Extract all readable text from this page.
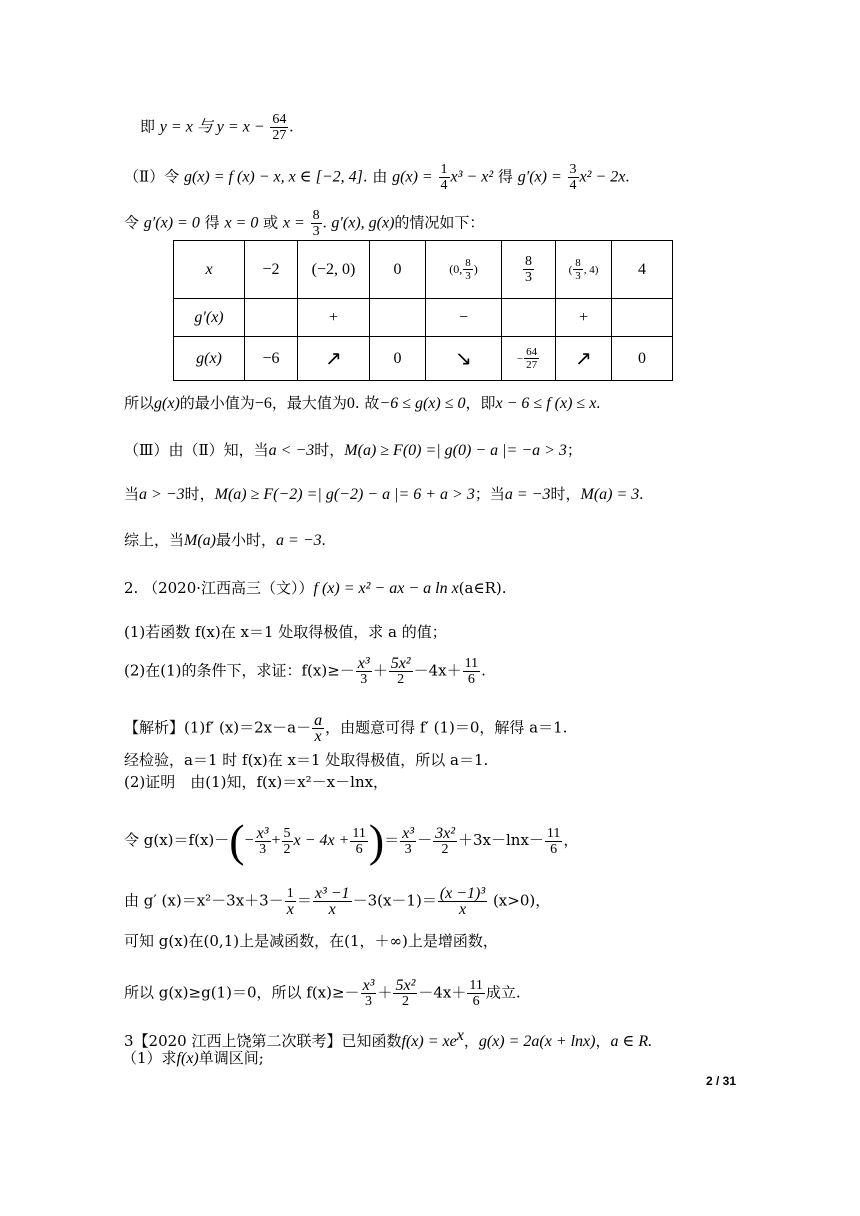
即 y = x 与 $y = x - \frac{64}{27}$ .
（Ⅱ）令 g(x) = f (x) − x, x ∈ [−2, 4]. 由 $g(x) = \frac{1}{4} x^3 - x^2$ 得 $g'(x) = \frac{3}{4} x^2 - 2x$.
令 g′(x) = 0 得 x = 0 或 $x = \frac{8}{3}$ . g′(x), g(x)的情况如下：
x	−2	(−2, 0)	0	(0, $\frac{8}{3}$ )	$\frac{8}{3}$	( $\frac{8}{3}$ , 4)	4
g′(x)		+		−		+	
g(x)	−6	↗	0	↘	− $\frac{64}{27}$	↗	0
所以g(x)的最小值为−6，最大值为0. 故−6 ≤ g(x) ≤ 0，即x − 6 ≤ f (x) ≤ x.
（Ⅲ）由（Ⅱ）知，当a < −3时，M(a) ≥ F(0) =| g(0) − a |= −a > 3；
当a > −3时，M(a) ≥ F(−2) =| g(−2) − a |= 6 + a > 3；当a = −3时，M(a) = 3.
综上，当M(a)最小时，a = −3.
2. （2020·江西高三（文））f (x) = x² − ax − a ln x(a∈R).
(1)若函数 f(x)在 x＝1 处取得极值，求 a 的值；
(2)在(1)的条件下，求证：$f(x)\ge- \frac{\text{x³}}{3} + \frac{\text{5x²}}{2} -4x+ \frac{11}{6}$ .
【解析】(1)f′ $(x)=2x-a- \frac{a}{x}$ ，由题意可得 f′ (1)＝0，解得 a＝1.
经检验，a＝1 时 f(x)在 x＝1 处取得极值，所以 a＝1.
(2)证明　由(1)知，f(x)＝x²－x－lnx，
令 $g(x)=f(x)-(- \frac{\text{x³}}{3} + \frac{5}{2}$ $x - 4x + \frac{11}{6}$ )＝ $\frac{\text{x³}}{3} - \frac{\text{3x²}}{2} +3x-\ln x- \frac{11}{6}$ ，
由 g′ $(x)=x^2-3x+3- \frac{1}{x} = \frac{\text{x³ −1}}{x} -3(x-1)= \frac{\text{(x −1)³}}{x} (x>0)$，
可知 g(x)在(0,1)上是减函数，在(1，＋∞)上是增函数，
所以 g(x)≥g(1)＝0，所以 $f(x)\ge- \frac{\text{x³}}{3} + \frac{\text{5x²}}{2} -4x+ \frac{11}{6}$ 成立.
3【2020 江西上饶第二次联考】已知函数$f(x) = xe^x$，g(x) = 2a(x + lnx)，a ∈ R.
（1）求f(x)单调区间;
2 / 31
